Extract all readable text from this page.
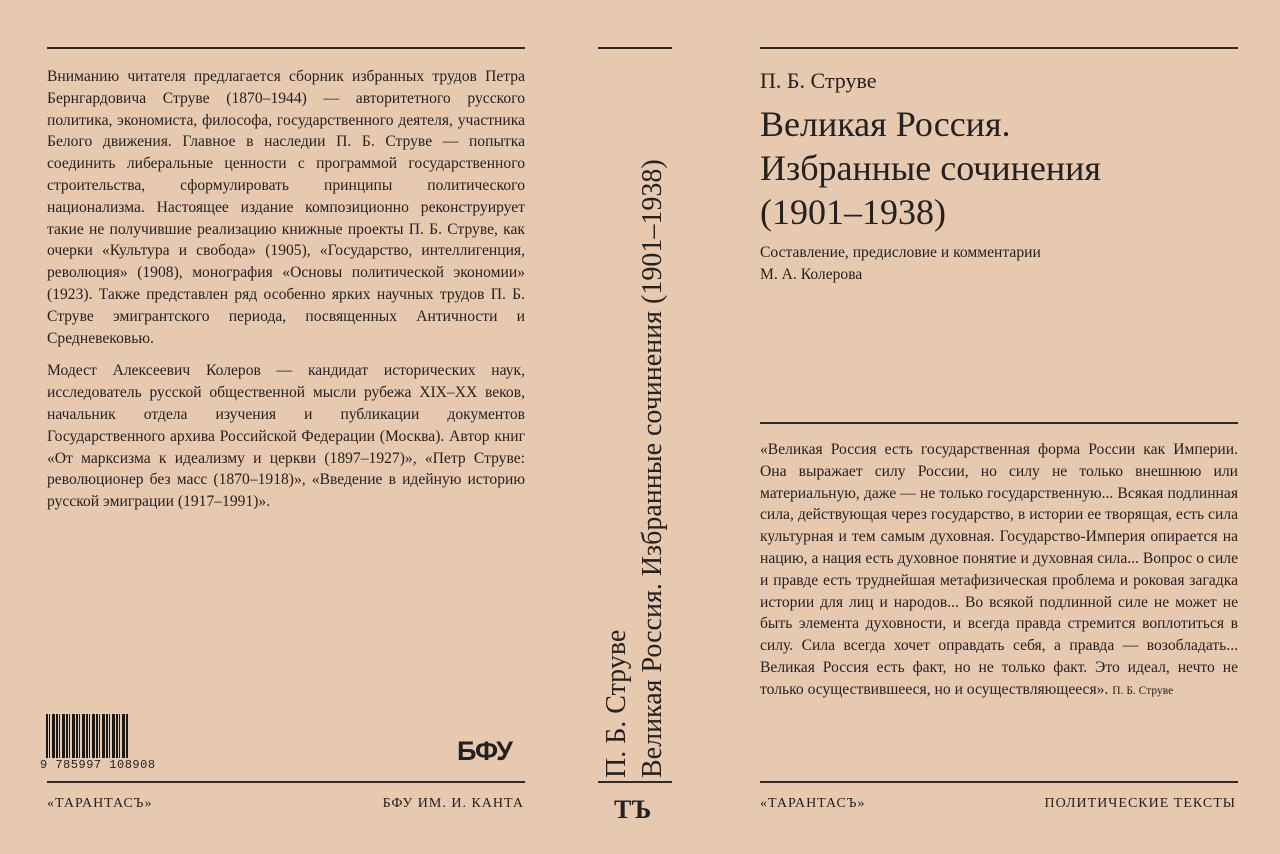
Вниманию читателя предлагается сборник избранных трудов Петра Бернгардовича Струве (1870–1944) — авторитетного русского политика, экономиста, философа, государственного деятеля, участника Белого движения. Главное в наследии П. Б. Струве — попытка соединить либеральные ценности с программой государственного строительства, сформулировать принципы политического национализма. Настоящее издание композиционно реконструирует такие не получившие реализацию книжные проекты П. Б. Струве, как очерки «Культура и свобода» (1905), «Государство, интеллигенция, революция» (1908), монография «Основы политической экономии» (1923). Также представлен ряд особенно ярких научных трудов П. Б. Струве эмигрантского периода, посвященных Античности и Средневековью.

Модест Алексеевич Колеров — кандидат исторических наук, исследователь русской общественной мысли рубежа XIX–XX веков, начальник отдела изучения и публикации документов Государственного архива Российской Федерации (Москва). Автор книг «От марксизма к идеализму и церкви (1897–1927)», «Петр Струве: революционер без масс (1870–1918)», «Введение в идейную историю русской эмиграции (1917–1991)».

9 785997 108908	БФУ
«ТАРАНТАСЪ»	БФУ ИМ. И. КАНТА
П. Б. Струве Великая Россия. Избранные сочинения (1901–1938)
ТЪ
П. Б. Струве
Великая Россия.
Избранные сочинения
(1901–1938)
Составление, предисловие и комментарии
М. А. Колерова
«Великая Россия есть государственная форма России как Империи. Она выражает силу России, но силу не только внешнюю или материальную, даже — не только государственную... Всякая подлинная сила, действующая через государство, в истории ее творящая, есть сила культурная и тем самым духовная. Государство-Империя опирается на нацию, а нация есть духовное понятие и духовная сила... Вопрос о силе и правде есть труднейшая метафизическая проблема и роковая загадка истории для лиц и народов... Во всякой подлинной силе не может не быть элемента духовности, и всегда правда стремится воплотиться в силу. Сила всегда хочет оправдать себя, а правда — возобладать... Великая Россия есть факт, но не только факт. Это идеал, нечто не только осуществившееся, но и осуществляющееся». П. Б. Струве
«ТАРАНТАСЪ»	ПОЛИТИЧЕСКИЕ ТЕКСТЫ
